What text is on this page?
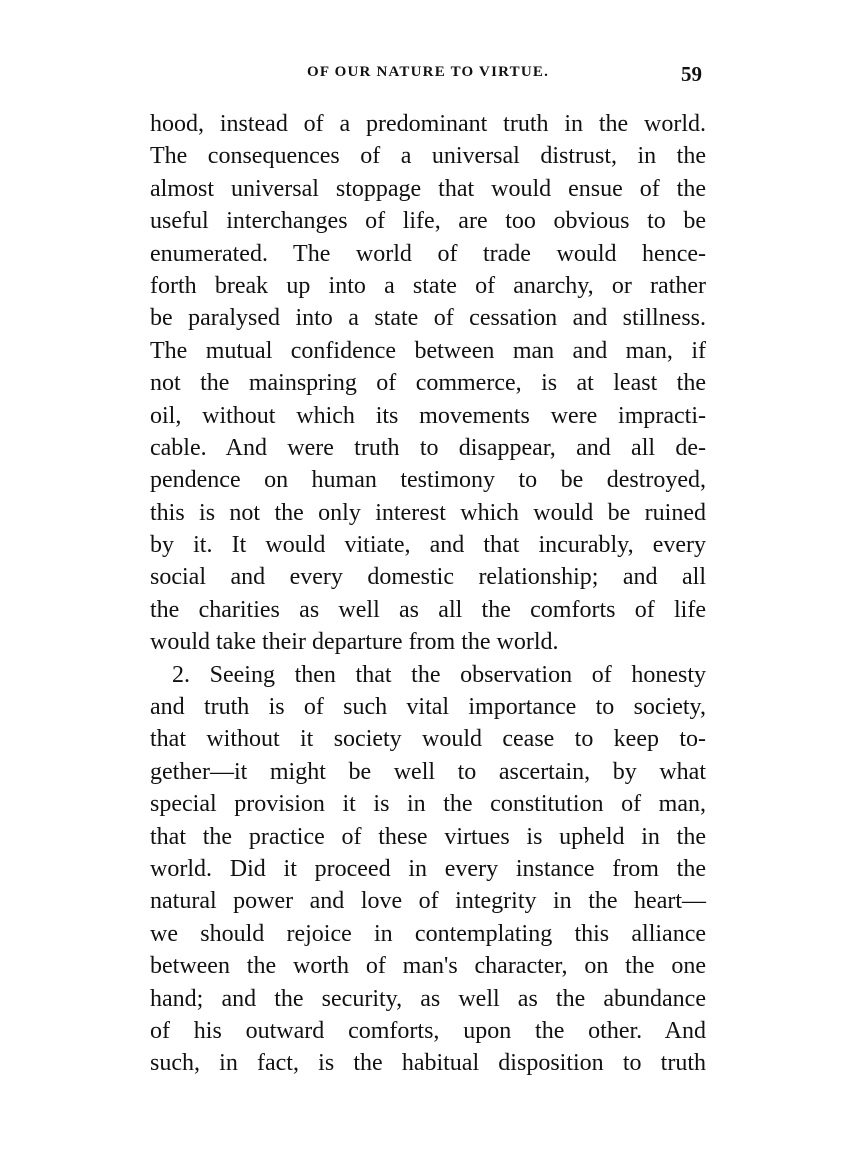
OF OUR NATURE TO VIRTUE.	59
hood, instead of a predominant truth in the world.
The consequences of a universal distrust, in the
almost universal stoppage that would ensue of the
useful interchanges of life, are too obvious to be
enumerated. The world of trade would hence-
forth break up into a state of anarchy, or rather
be paralysed into a state of cessation and stillness.
The mutual confidence between man and man, if
not the mainspring of commerce, is at least the
oil, without which its movements were impracti-
cable. And were truth to disappear, and all de-
pendence on human testimony to be destroyed,
this is not the only interest which would be ruined
by it. It would vitiate, and that incurably, every
social and every domestic relationship; and all
the charities as well as all the comforts of life
would take their departure from the world.
2. Seeing then that the observation of honesty
and truth is of such vital importance to society,
that without it society would cease to keep to-
gether—it might be well to ascertain, by what
special provision it is in the constitution of man,
that the practice of these virtues is upheld in the
world. Did it proceed in every instance from the
natural power and love of integrity in the heart—
we should rejoice in contemplating this alliance
between the worth of man's character, on the one
hand; and the security, as well as the abundance
of his outward comforts, upon the other. And
such, in fact, is the habitual disposition to truth
